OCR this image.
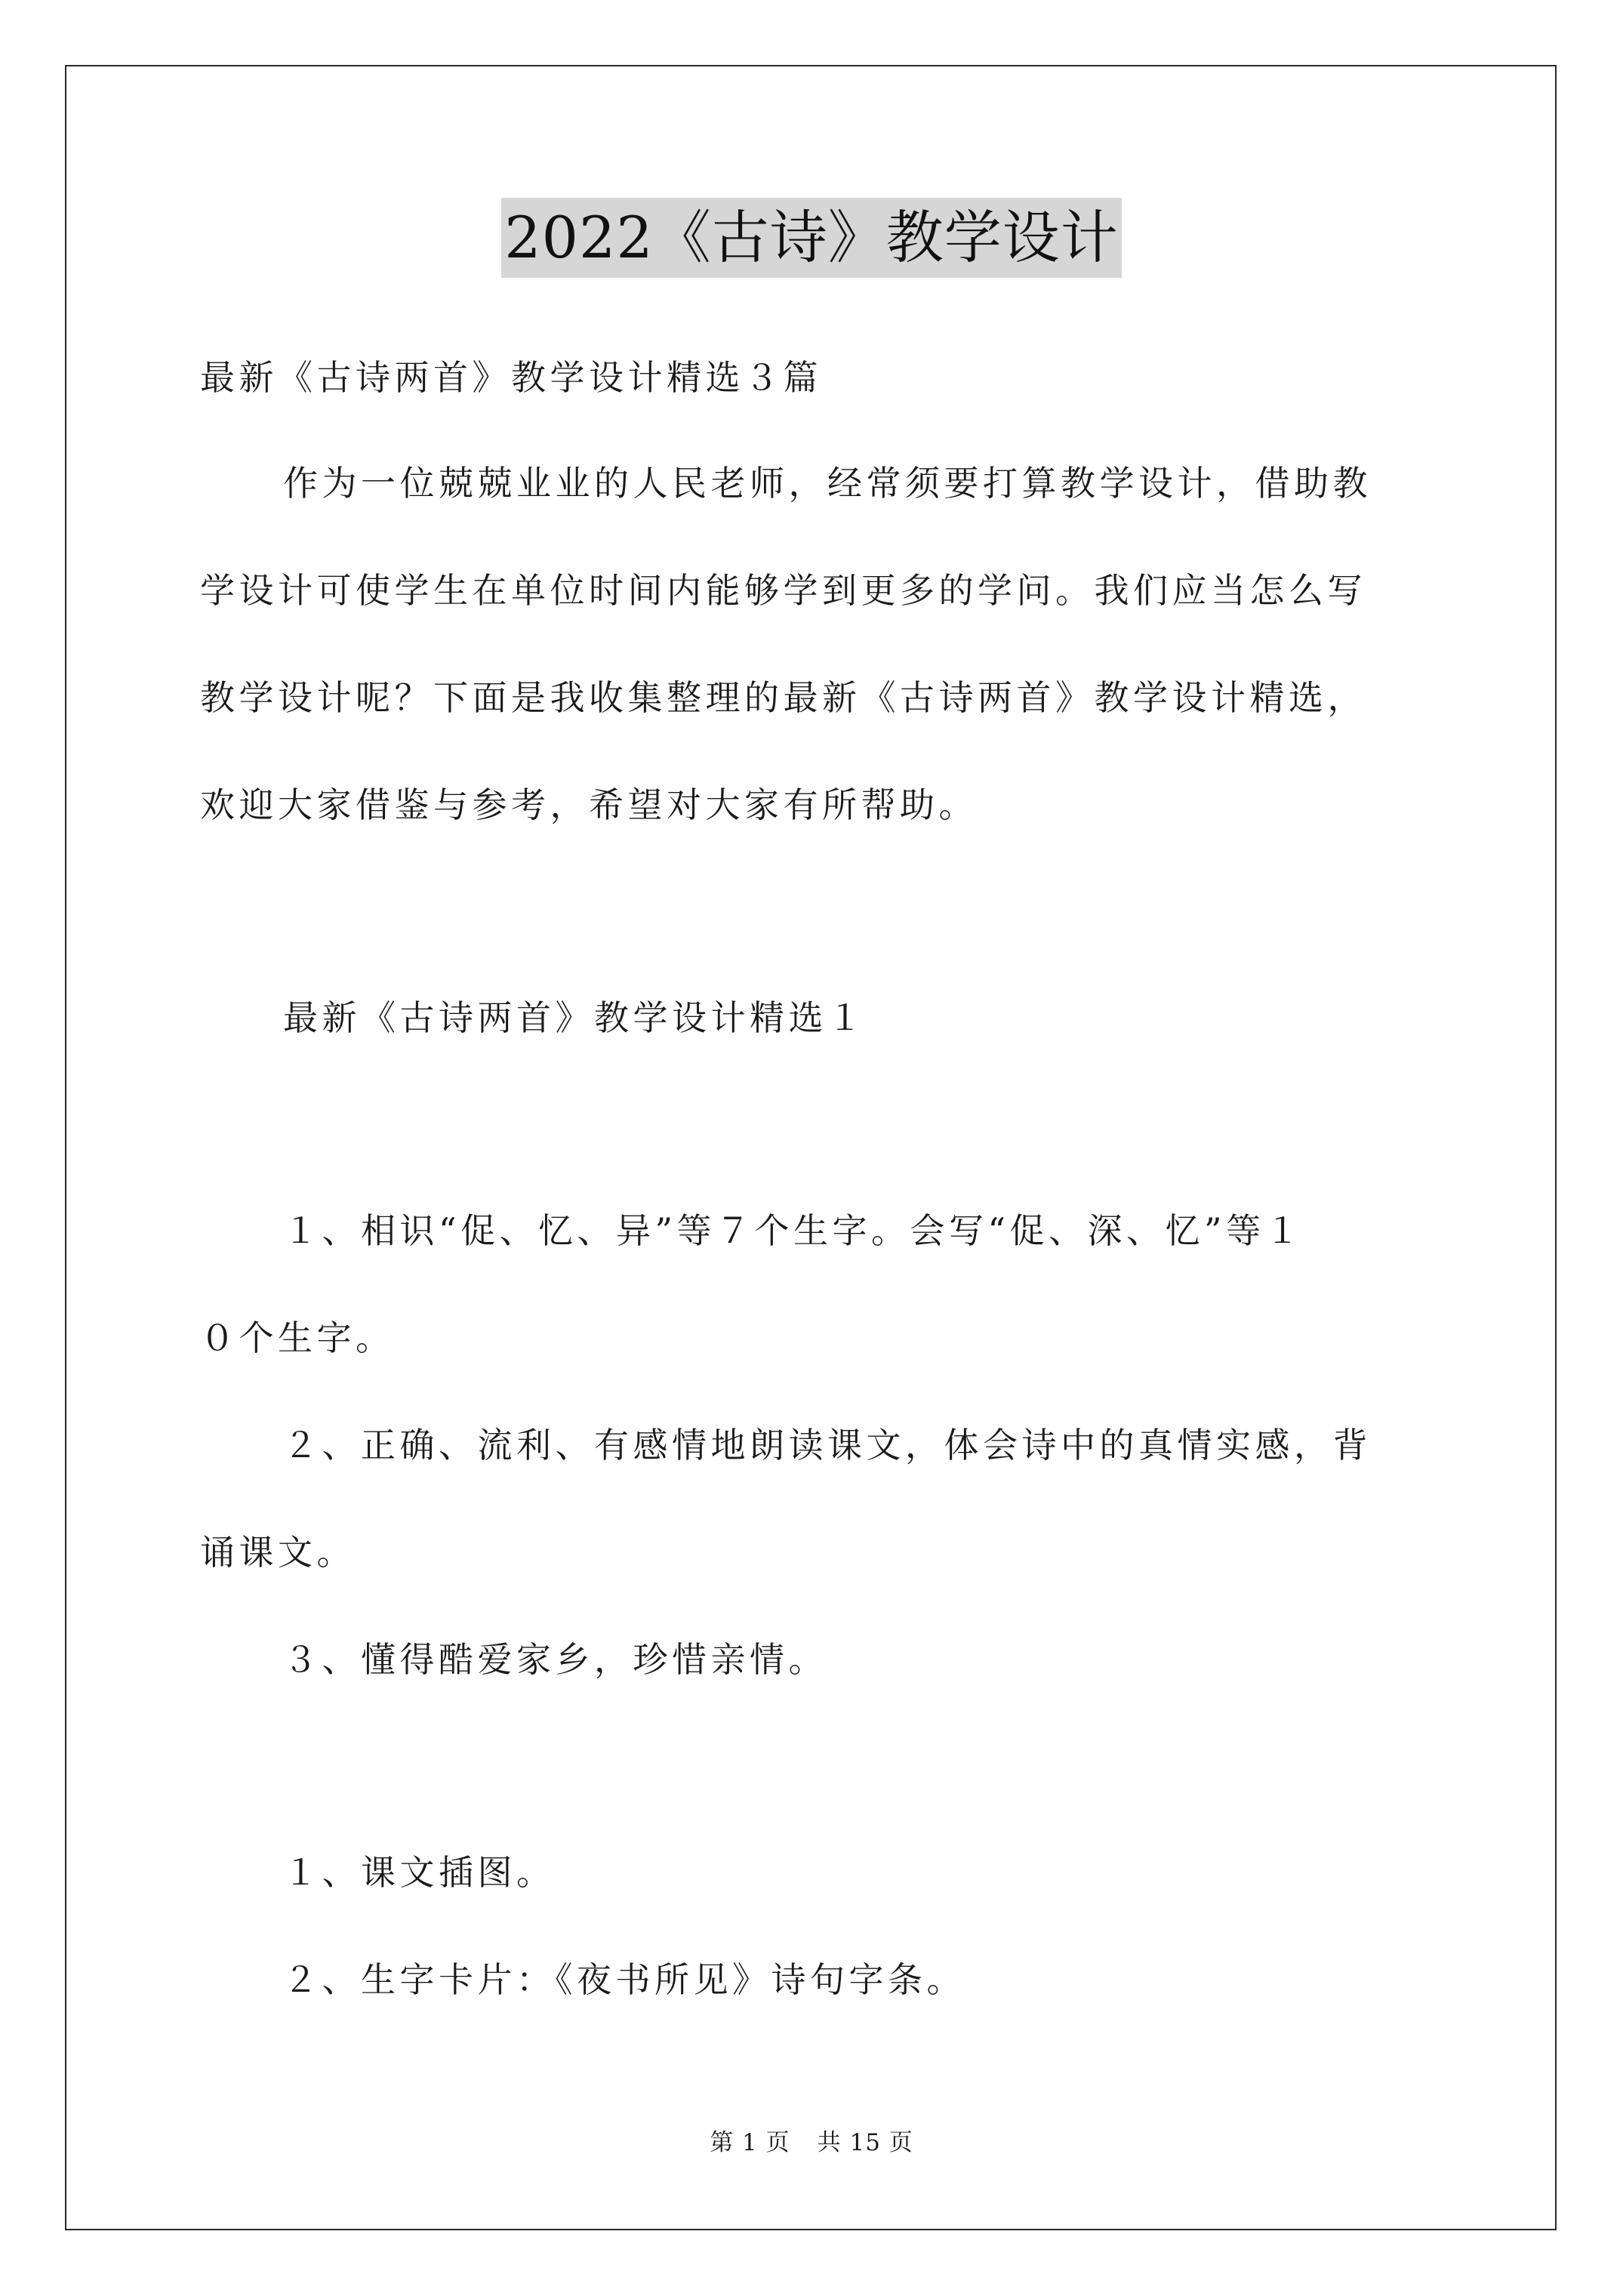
2022《古诗》教学设计
最新《古诗两首》教学设计精选３篇
作为一位兢兢业业的人民老师，经常须要打算教学设计，借助教
学设计可使学生在单位时间内能够学到更多的学问。我们应当怎么写
教学设计呢？下面是我收集整理的最新《古诗两首》教学设计精选，
欢迎大家借鉴与参考，希望对大家有所帮助。
最新《古诗两首》教学设计精选１
１、相识“促、忆、异”等７个生字。会写“促、深、忆”等１
０个生字。
２、正确、流利、有感情地朗读课文，体会诗中的真情实感，背
诵课文。
３、懂得酷爱家乡，珍惜亲情。
１、课文插图。
２、生字卡片：《夜书所见》诗句字条。
第 1 页 共 15 页
